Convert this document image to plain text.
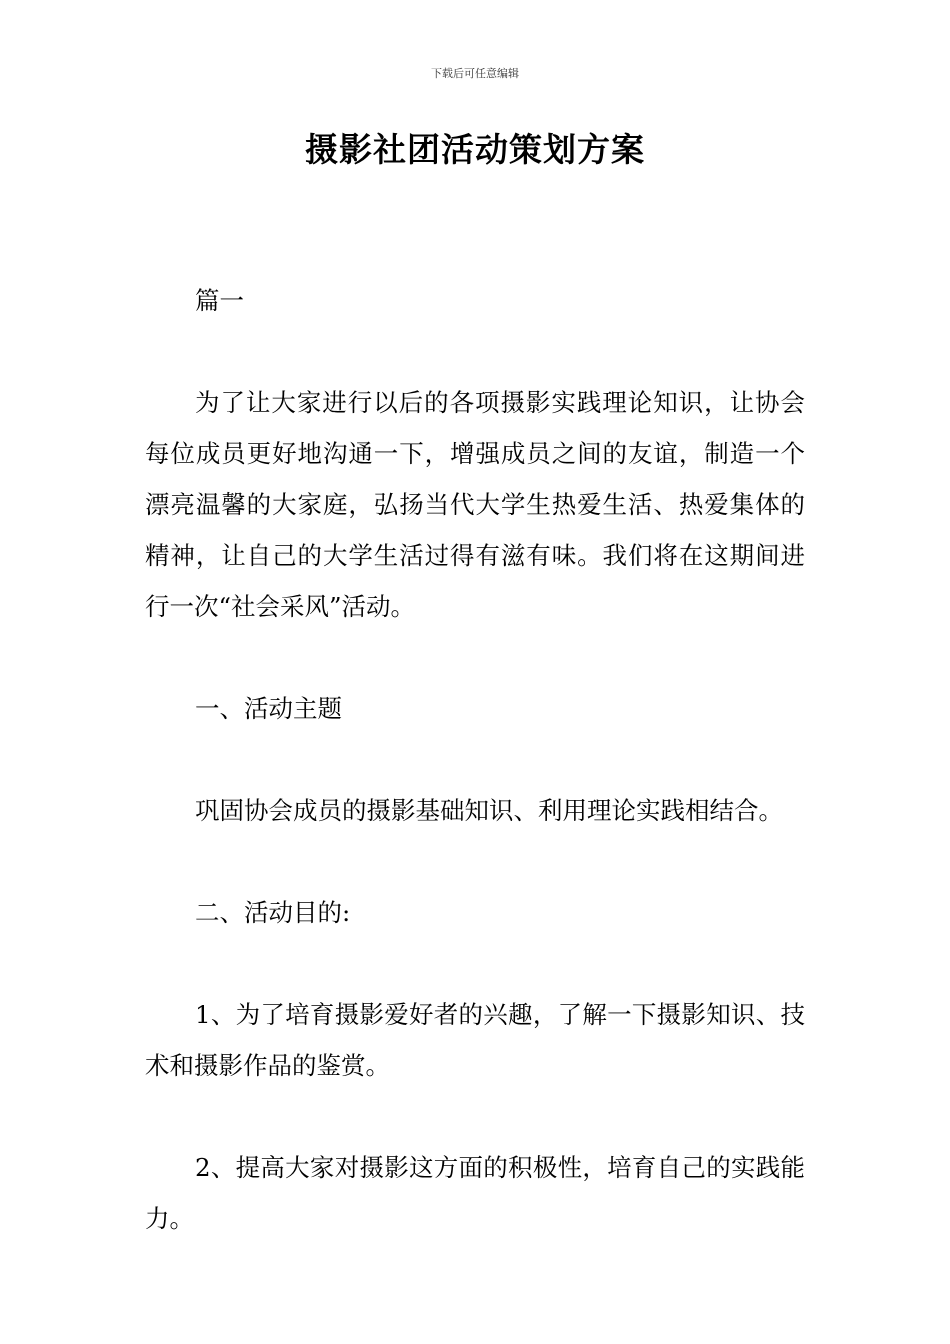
下载后可任意编辑
摄影社团活动策划方案

篇一

为了让大家进行以后的各项摄影实践理论知识，让协会每位成员更好地沟通一下，增强成员之间的友谊，制造一个漂亮温馨的大家庭，弘扬当代大学生热爱生活、热爱集体的精神，让自己的大学生活过得有滋有味。我们将在这期间进行一次“社会采风”活动。

一、活动主题

巩固协会成员的摄影基础知识、利用理论实践相结合。

二、活动目的:

1、为了培育摄影爱好者的兴趣，了解一下摄影知识、技术和摄影作品的鉴赏。

2、提高大家对摄影这方面的积极性，培育自己的实践能力。
